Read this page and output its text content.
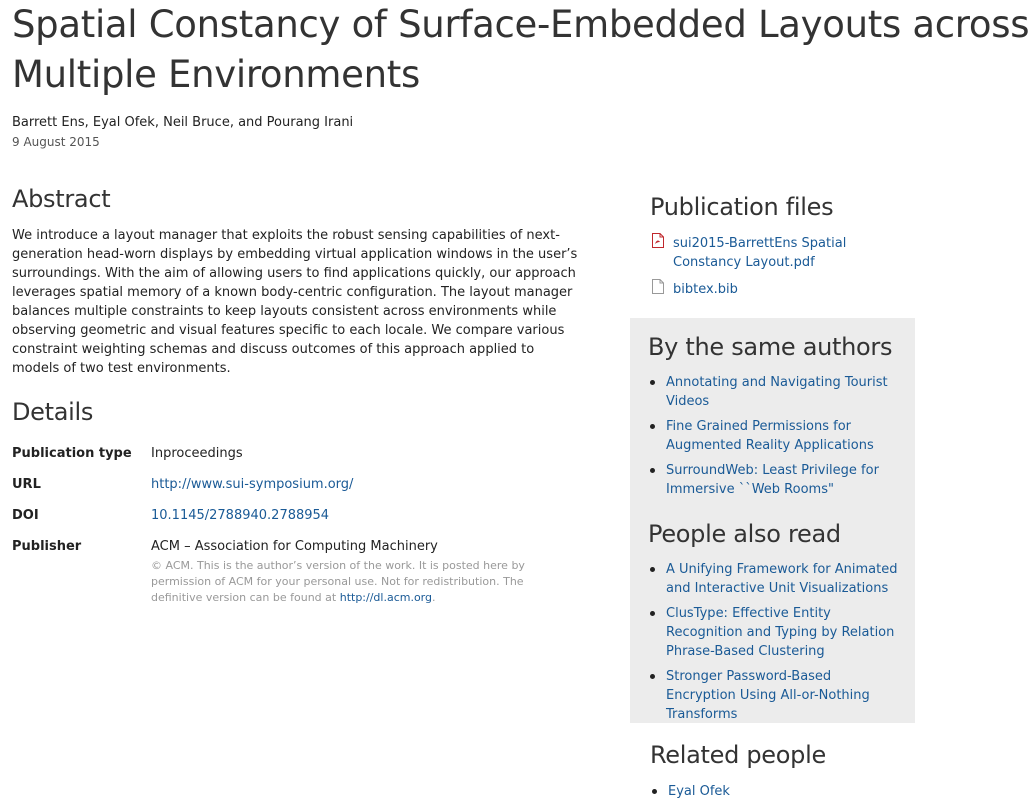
Spatial Constancy of Surface-Embedded Layouts across
Multiple Environments
Barrett Ens, Eyal Ofek, Neil Bruce, and Pourang Irani
9 August 2015
Abstract

We introduce a layout manager that exploits the robust sensing capabilities of next-generation head-worn displays by embedding virtual application windows in the user’s surroundings. With the aim of allowing users to find applications quickly, our approach leverages spatial memory of a known body-centric configuration. The layout manager balances multiple constraints to keep layouts consistent across environments while observing geometric and visual features specific to each locale. We compare various constraint weighting schemas and discuss outcomes of this approach applied to models of two test environments.

Details
Publication type	Inproceedings
URL	http://www.sui-symposium.org/
DOI	10.1145/2788940.2788954
Publisher	ACM – Association for Computing Machinery
© ACM. This is the author’s version of the work. It is posted here by permission of ACM for your personal use. Not for redistribution. The definitive version can be found at http://dl.acm.org.
Publication files
sui2015-BarrettEns Spatial Constancy Layout.pdf
bibtex.bib
By the same authors
Annotating and Navigating Tourist Videos
Fine Grained Permissions for Augmented Reality Applications
SurroundWeb: Least Privilege for Immersive ``Web Rooms"
People also read
A Unifying Framework for Animated and Interactive Unit Visualizations
ClusType: Effective Entity Recognition and Typing by Relation Phrase-Based Clustering
Stronger Password-Based Encryption Using All-or-Nothing Transforms
Related people
Eyal Ofek
